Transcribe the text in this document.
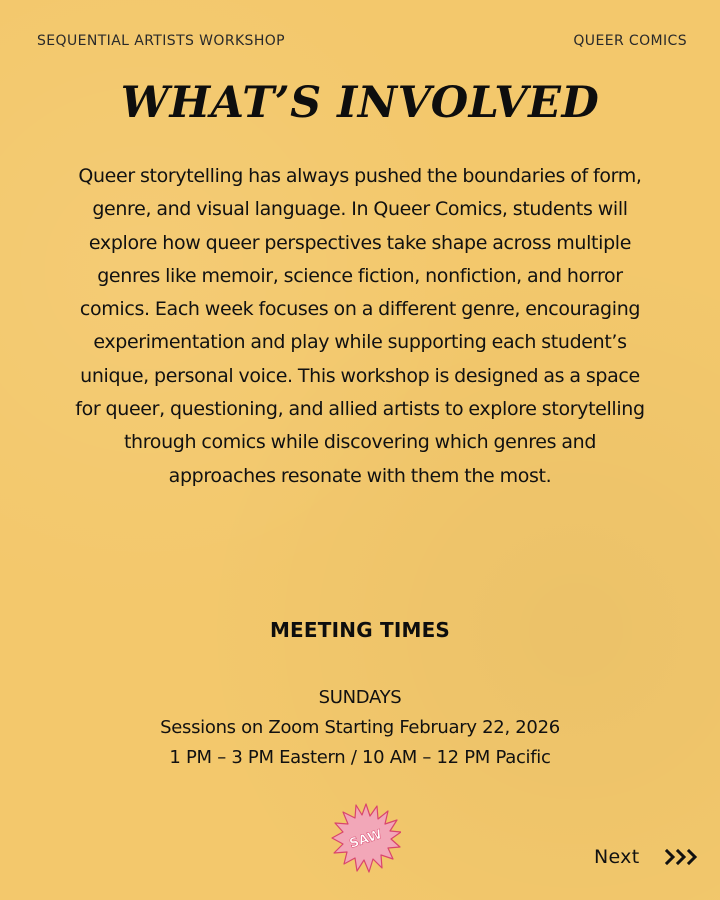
SEQUENTIAL ARTISTS WORKSHOP	QUEER COMICS
WHAT’S INVOLVED
Queer storytelling has always pushed the boundaries of form, genre, and visual language. In Queer Comics, students will explore how queer perspectives take shape across multiple genres like memoir, science fiction, nonfiction, and horror comics. Each week focuses on a different genre, encouraging experimentation and play while supporting each student’s unique, personal voice. This workshop is designed as a space for queer, questioning, and allied artists to explore storytelling through comics while discovering which genres and approaches resonate with them the most.
MEETING TIMES
SUNDAYS
Sessions on Zoom Starting February 22, 2026
1 PM – 3 PM Eastern / 10 AM – 12 PM Pacific
SAW
Next
